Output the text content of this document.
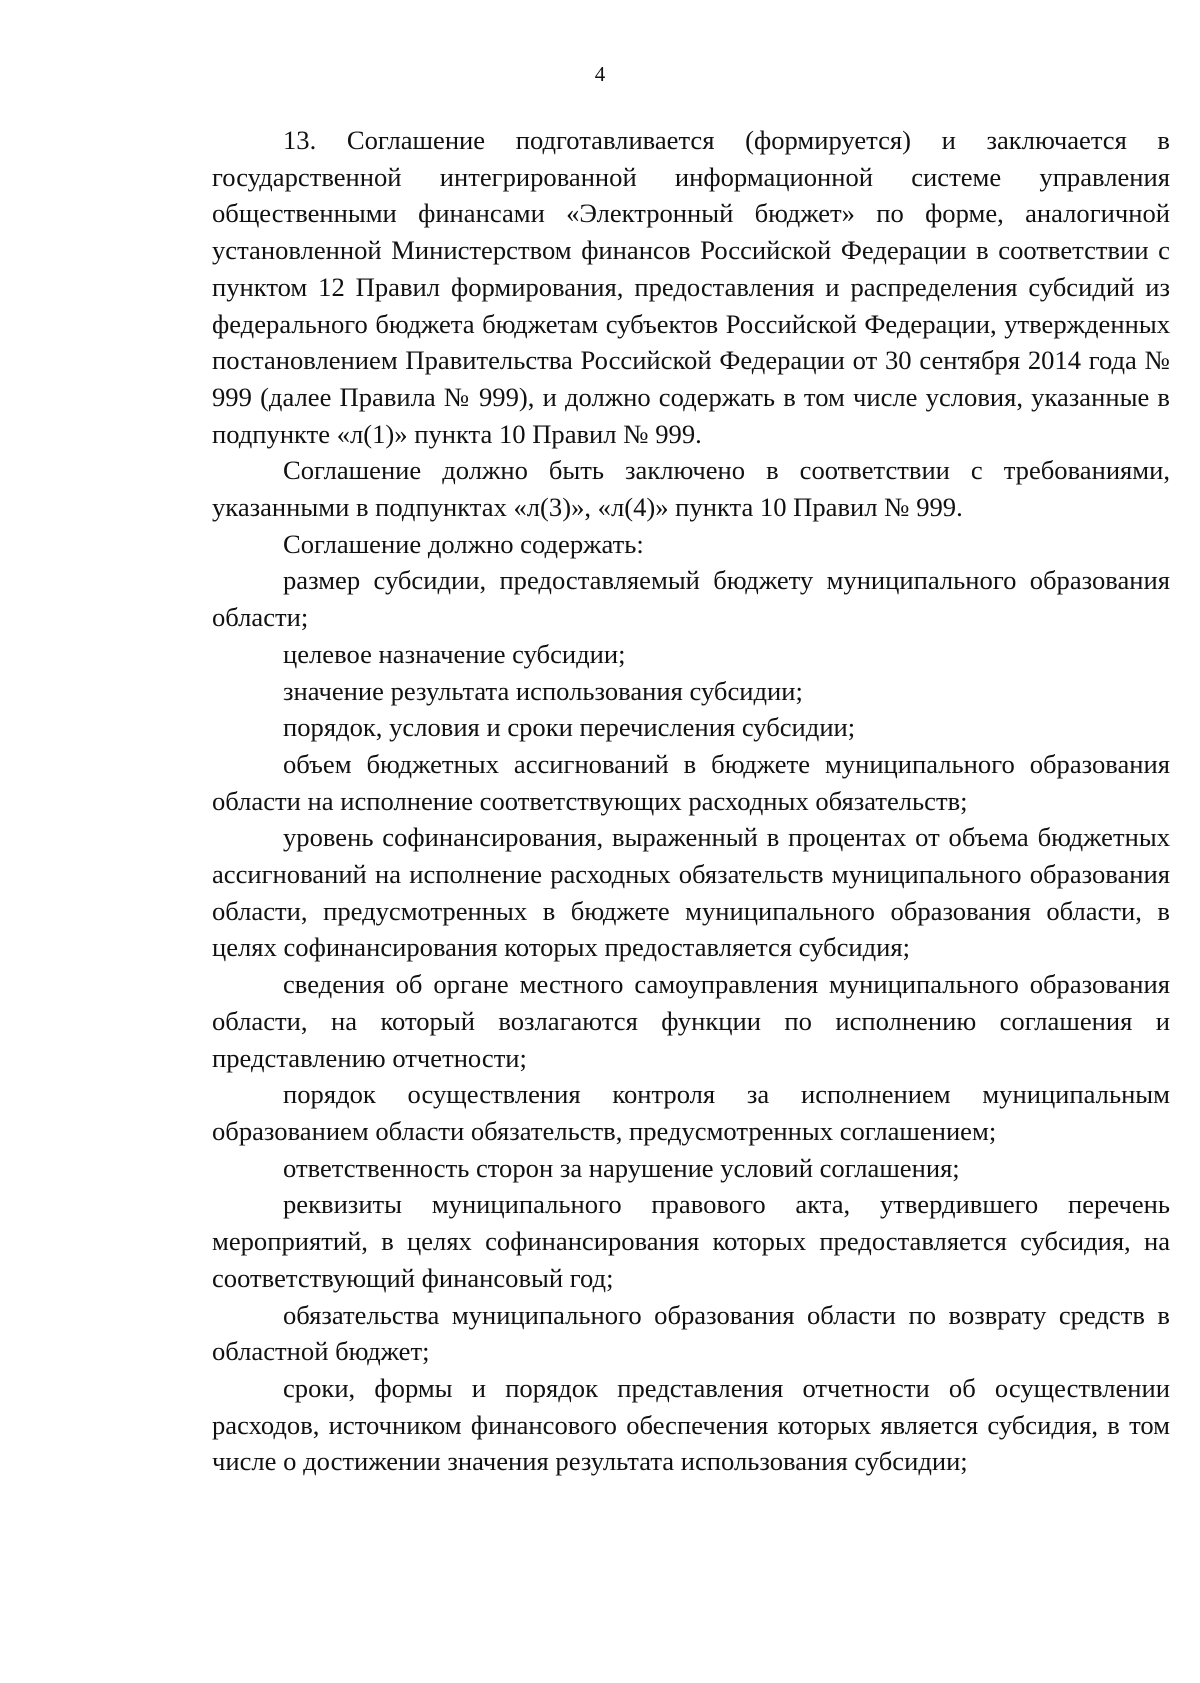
4

13. Соглашение подготавливается (формируется) и заключается в государственной интегрированной информационной системе управления общественными финансами «Электронный бюджет» по форме, аналогичной установленной Министерством финансов Российской Федерации в соответствии с пунктом 12 Правил формирования, предоставления и распределения субсидий из федерального бюджета бюджетам субъектов Российской Федерации, утвержденных постановлением Правительства Российской Федерации от 30 сентября 2014 года № 999 (далее Правила № 999), и должно содержать в том числе условия, указанные в подпункте «л(1)» пункта 10 Правил № 999.

Соглашение должно быть заключено в соответствии с требованиями, указанными в подпунктах «л(3)», «л(4)» пункта 10 Правил № 999.

Соглашение должно содержать:

размер субсидии, предоставляемый бюджету муниципального образования области;

целевое назначение субсидии;

значение результата использования субсидии;

порядок, условия и сроки перечисления субсидии;

объем бюджетных ассигнований в бюджете муниципального образования области на исполнение соответствующих расходных обязательств;

уровень софинансирования, выраженный в процентах от объема бюджетных ассигнований на исполнение расходных обязательств муниципального образования области, предусмотренных в бюджете муниципального образования области, в целях софинансирования которых предоставляется субсидия;

сведения об органе местного самоуправления муниципального образования области, на который возлагаются функции по исполнению соглашения и представлению отчетности;

порядок осуществления контроля за исполнением муниципальным образованием области обязательств, предусмотренных соглашением;

ответственность сторон за нарушение условий соглашения;

реквизиты муниципального правового акта, утвердившего перечень мероприятий, в целях софинансирования которых предоставляется субсидия, на соответствующий финансовый год;

обязательства муниципального образования области по возврату средств в областной бюджет;

сроки, формы и порядок представления отчетности об осуществлении расходов, источником финансового обеспечения которых является субсидия, в том числе о достижении значения результата использования субсидии;
